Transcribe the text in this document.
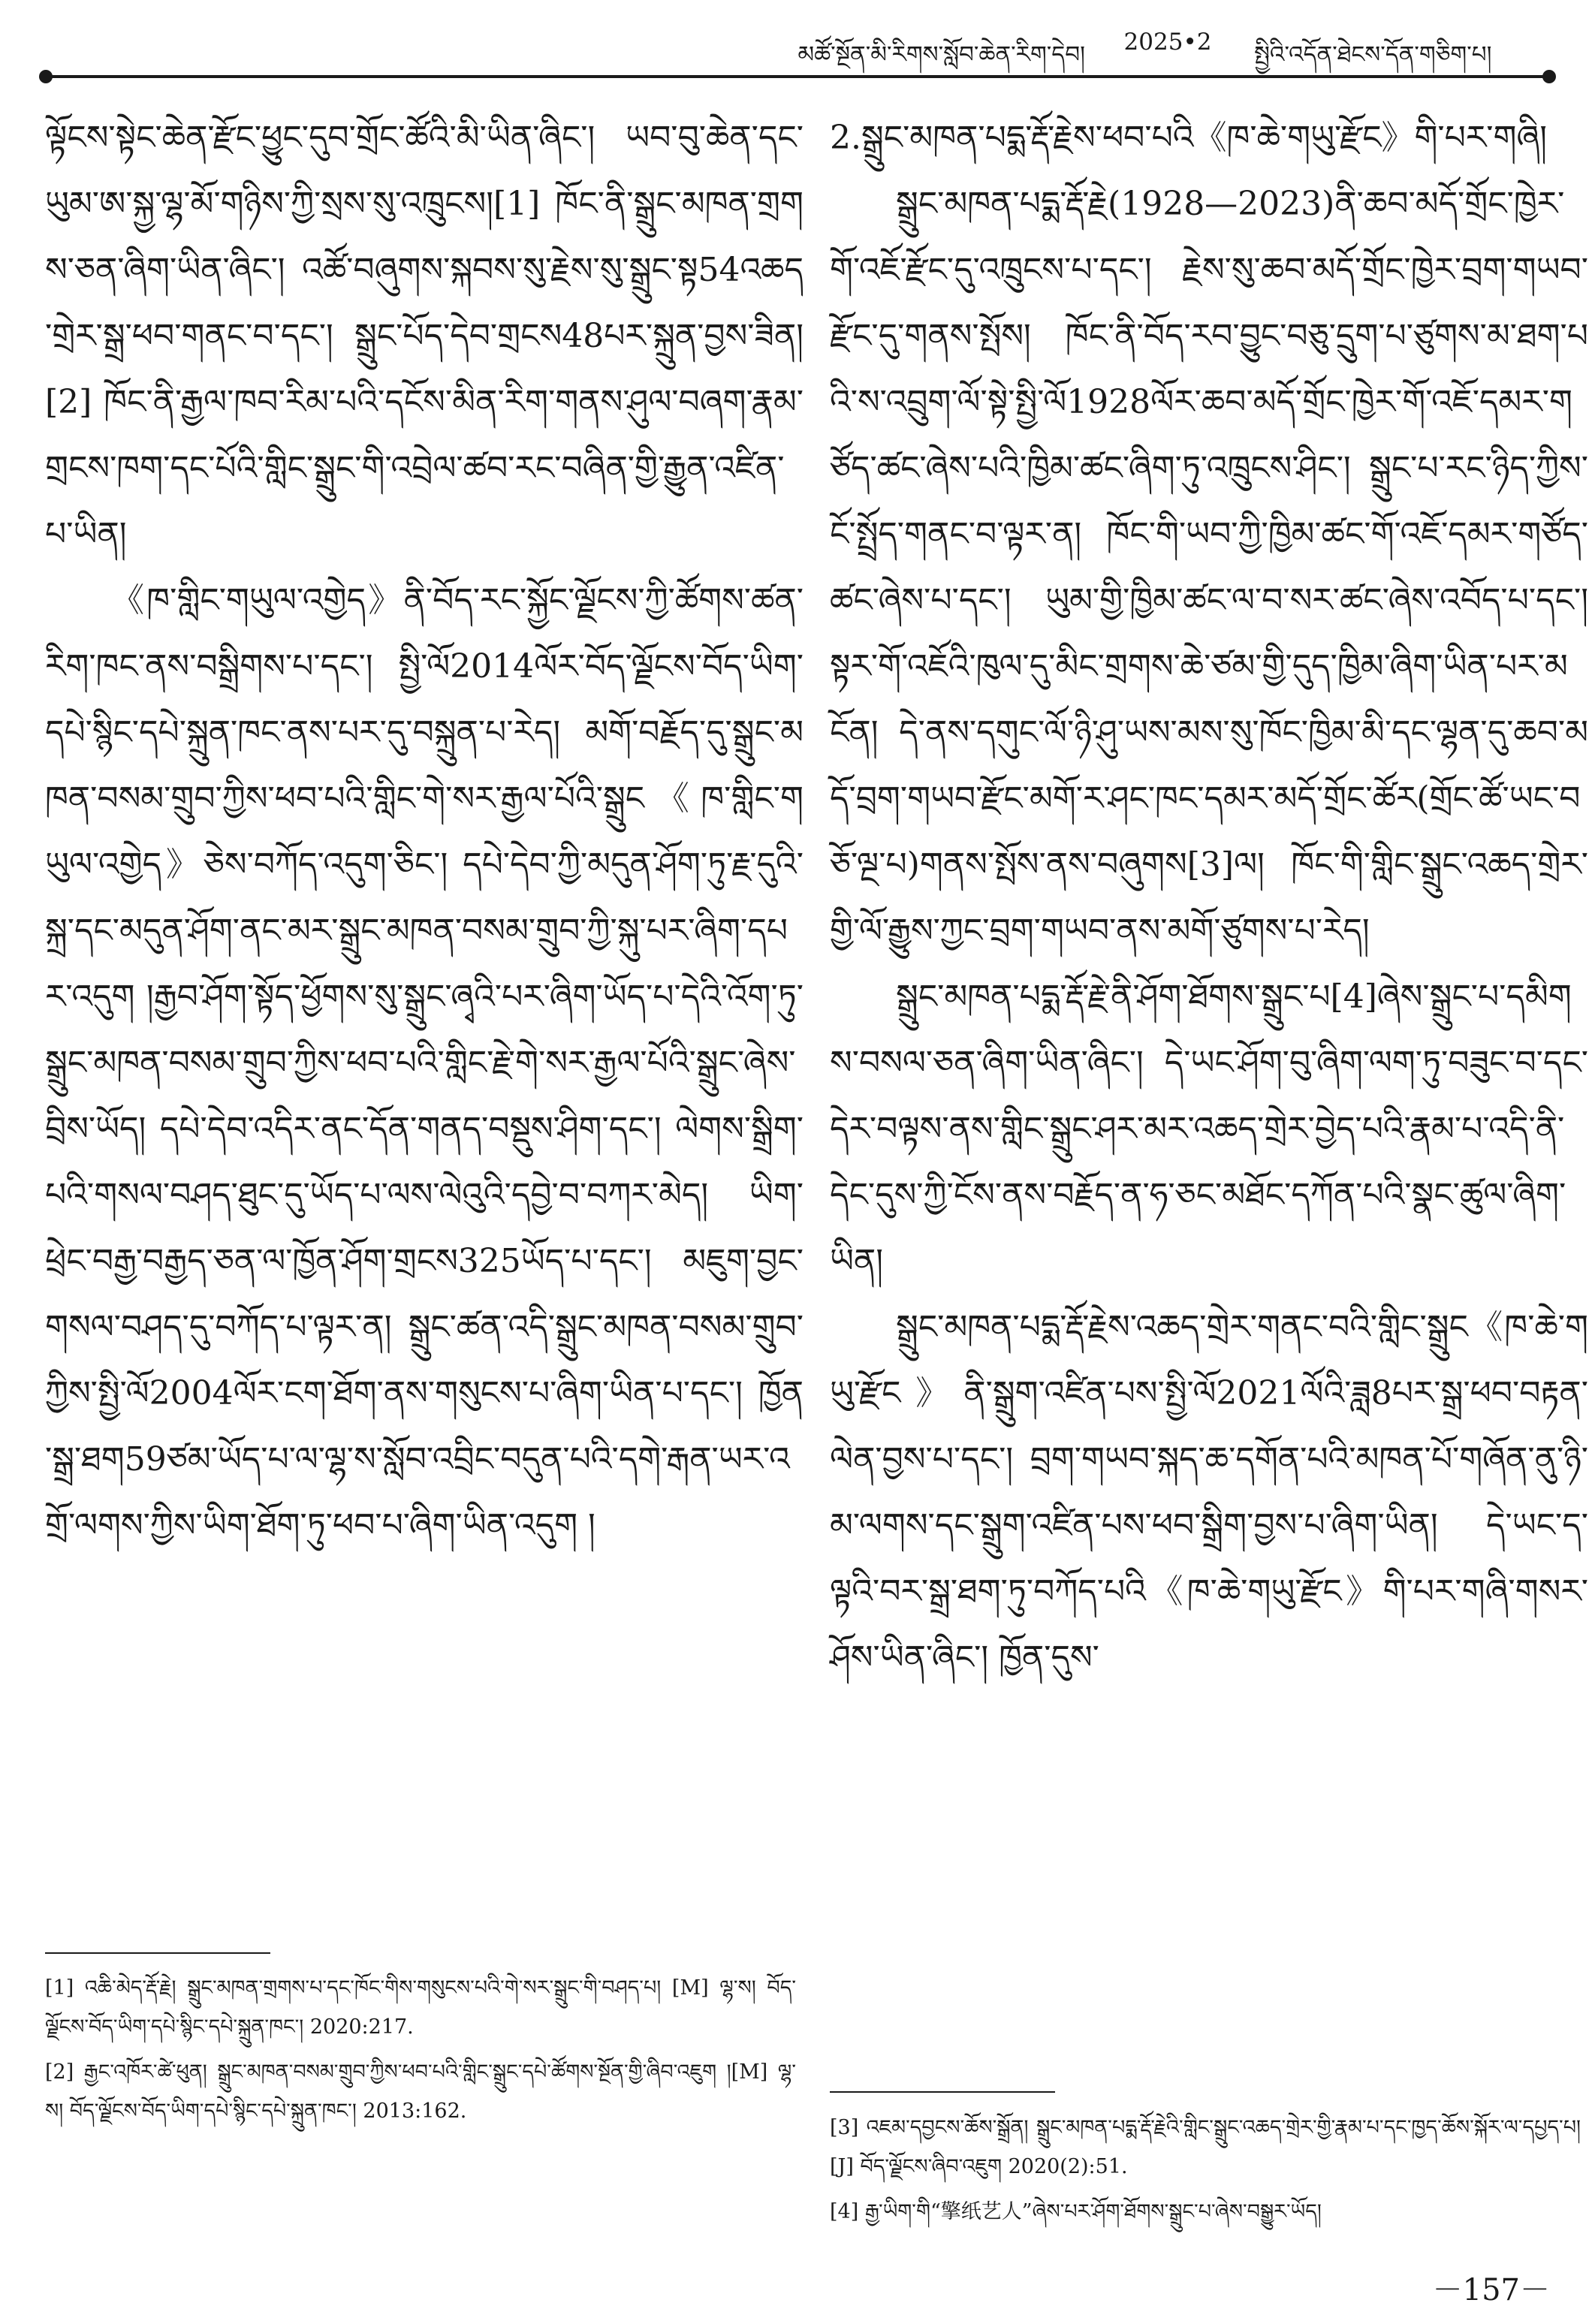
མཚོ་སྔོན་མི་རིགས་སློབ་ཆེན་རིག་དེབ།	2025•2	སྤྱིའི་འདོན་ཐེངས་དོན་གཅིག་པ།

ལྟོངས་སྟེང་ཆེན་རྫོང་ཕྱུང་དུབ་གྲོང་ཚོའི་མི་ཡིན་ཞིང་། ཡབ་བུ་ཆེན་དང་ཡུམ་ཨ་སྐྱ་ལྷ་མོ་གཉིས་ཀྱི་སྲས་སུ་འཁྲུངས།[1] ཁོང་ནི་སྒྲུང་མཁན་གྲགས་ཅན་ཞིག་ཡིན་ཞིང་། འཚོ་བཞུགས་སྐབས་སུ་རྗེས་སུ་སྒྲུང་སྟ54འཆད་གྲེར་སྒྲ་ཕབ་གནང་བ་དང་། སྒྲུང་པོད་དེབ་གྲངས48པར་སྐྲུན་བྱས་ཟིན།[2] ཁོང་ནི་རྒྱལ་ཁབ་རིམ་པའི་དངོས་མིན་རིག་གནས་ཤུལ་བཞག་རྣམ་གྲངས་ཁག་དང་པོའི་གླིང་སྒྲུང་གི་འབྲེལ་ཚབ་རང་བཞིན་གྱི་རྒྱུན་འཛིན་པ་ཡིན།

《ཁ་གླིང་གཡུལ་འགྱེད》ནི་བོད་རང་སྐྱོང་ལྗོངས་ཀྱི་ཚོགས་ཚན་རིག་ཁང་ནས་བསྒྲིགས་པ་དང་། སྤྱི་ལོ2014ལོར་བོད་ལྗོངས་བོད་ཡིག་དཔེ་སྙིང་དཔེ་སྐྲུན་ཁང་ནས་པར་དུ་བསྐྲུན་པ་རེད། མགོ་བརྗོད་དུ་སྒྲུང་མཁན་བསམ་གྲུབ་ཀྱིས་ཕབ་པའི་གླིང་གེ་སར་རྒྱལ་པོའི་སྒྲུང《ཁ་གླིང་གཡུལ་འགྱེད》ཅེས་བཀོད་འདུག་ཅིང་། དཔེ་དེབ་ཀྱི་མདུན་ཤོག་ཏུ་རྗ་དུའི་སྐྲ་དང་མདུན་ཤོག་ནང་མར་སྒྲུང་མཁན་བསམ་གྲུབ་ཀྱི་སྐུ་པར་ཞིག་དཔར་འདུག །རྒྱབ་ཤོག་སྟོད་ཕྱོགས་སུ་སྒྲུང་ཞྭའི་པར་ཞིག་ཡོད་པ་དེའི་འོག་ཏུ་སྒྲུང་མཁན་བསམ་གྲུབ་ཀྱིས་ཕབ་པའི་གླིང་རྗེ་གེ་སར་རྒྱལ་པོའི་སྒྲུང་ཞེས་བྲིས་ཡོད། དཔེ་དེབ་འདིར་ནང་དོན་གནད་བསྡུས་ཤིག་དང་། ལེགས་སྒྲིག་པའི་གསལ་བཤད་ཐུང་དུ་ཡོད་པ་ལས་ལེའུའི་དབྱེ་བ་བཀར་མེད། ཡིག་ཕྲེང་བརྒྱ་བརྒྱད་ཅན་ལ་ཁྱོན་ཤོག་གྲངས325ཡོད་པ་དང་། མཇུག་བྱང་གསལ་བཤད་དུ་བཀོད་པ་ལྟར་ན། སྒྲུང་ཚན་འདི་སྒྲུང་མཁན་བསམ་གྲུབ་ཀྱིས་སྤྱི་ལོ2004ལོར་ངག་ཐོག་ནས་གསུངས་པ་ཞིག་ཡིན་པ་དང་། ཁྱོན་སྒྲ་ཐག59ཙམ་ཡོད་པ་ལ་ལྷ་ས་སློབ་འབྲིང་བདུན་པའི་དགེ་རྒན་ཡར་འགྲོ་ལགས་ཀྱིས་ཡིག་ཐོག་ཏུ་ཕབ་པ་ཞིག་ཡིན་འདུག །

2.སྒྲུང་མཁན་པདྨ་རྡོ་རྗེས་ཕབ་པའི《ཁ་ཆེ་གཡུ་རྫོང》གི་པར་གཞི།

སྒྲུང་མཁན་པདྨ་རྡོ་རྗེ(1928—2023)ནི་ཆབ་མདོ་གྲོང་ཁྱེར་གོ་འཇོ་རྫོང་དུ་འཁྲུངས་པ་དང་། རྗེས་སུ་ཆབ་མདོ་གྲོང་ཁྱེར་བྲག་གཡབ་རྫོང་དུ་གནས་སྤོས། ཁོང་ནི་བོད་རབ་བྱུང་བཅུ་དྲུག་པ་ཙུགས་མ་ཐག་པའི་ས་འབྲུག་ལོ་སྟེ་སྤྱི་ལོ1928ལོར་ཆབ་མདོ་གྲོང་ཁྱེར་གོ་འཇོ་དམར་གཙོད་ཚང་ཞེས་པའི་ཁྱིམ་ཚང་ཞིག་ཏུ་འཁྲུངས་ཤིང་། སྒྲུང་པ་རང་ཉིད་ཀྱིས་ངོ་སྤྲོད་གནང་བ་ལྟར་ན། ཁོང་གི་ཡབ་ཀྱི་ཁྱིམ་ཚང་གོ་འཇོ་དམར་གཙོད་ཚང་ཞེས་པ་དང་། ཡུམ་གྱི་ཁྱིམ་ཚང་ལ་བ་སར་ཚང་ཞེས་འབོད་པ་དང་། སྟར་གོ་འཇོའི་ཁུལ་དུ་མིང་གྲགས་ཆེ་ཙམ་གྱི་དུད་ཁྱིམ་ཞིག་ཡིན་པར་མངོན། དེ་ནས་དགུང་ལོ་ཉི་ཤུ་ཡས་མས་སུ་ཁོང་ཁྱིམ་མི་དང་ལྷན་དུ་ཆབ་མདོ་བྲག་གཡབ་རྫོང་མགོ་ར་ཤང་ཁང་དམར་མདོ་གྲོང་ཚོར(གྲོང་ཚོ་ཡང་བཅོ་ལྔ་པ)གནས་སྤོས་ནས་བཞུགས[3]ལ། ཁོང་གི་གླིང་སྒྲུང་འཆད་གྲེར་གྱི་ལོ་རྒྱུས་ཀྱང་བྲག་གཡབ་ནས་མགོ་ཙུགས་པ་རེད།

སྒྲུང་མཁན་པདྨ་རྡོ་རྗེ་ནི་ཤོག་ཐོགས་སྒྲུང་པ[4]ཞེས་སྒྲུང་པ་དམིགས་བསལ་ཅན་ཞིག་ཡིན་ཞིང་། དེ་ཡང་ཤོག་བུ་ཞིག་ལག་ཏུ་བཟུང་བ་དང་དེར་བལྟས་ནས་གླིང་སྒྲུང་ཤར་མར་འཆད་གྲེར་བྱེད་པའི་རྣམ་པ་འདི་ནི་དེང་དུས་ཀྱི་ངོས་ནས་བརྗོད་ན་ཧ་ཅང་མཐོང་དཀོན་པའི་སྣང་ཚུལ་ཞིག་ཡིན།

སྒྲུང་མཁན་པདྨ་རྡོ་རྗེས་འཆད་གྲེར་གནང་བའི་གླིང་སྒྲུང《ཁ་ཆེ་གཡུ་རྫོང》ནི་སྒྲུག་འཛིན་པས་སྤྱི་ལོ2021ལོའི་ཟླ8པར་སྒྲ་ཕབ་བརྟན་ལེན་བྱས་པ་དང་། བྲག་གཡབ་སྐད་ཆ་དགོན་པའི་མཁན་པོ་གཞོན་ནུ་ཉི་མ་ལགས་དང་སྒྲུག་འཛིན་པས་ཕབ་སྒྲིག་བྱས་པ་ཞིག་ཡིན། དེ་ཡང་ད་ལྟའི་བར་སྒྲ་ཐག་ཏུ་བཀོད་པའི《ཁ་ཆེ་གཡུ་རྫོང》གི་པར་གཞི་གསར་ཤོས་ཡིན་ཞིང་། ཁྱོན་དུས་

[1] འཆི་མེད་རྡོ་རྗེ། སྒྲུང་མཁན་གྲགས་པ་དང་ཁོང་གིས་གསུངས་པའི་གེ་སར་སྒྲུང་གི་བཤད་པ། [M] ལྷ་ས། བོད་ལྗོངས་བོད་ཡིག་དཔེ་སྙིང་དཔེ་སྐྲུན་ཁང་། 2020:217.

[2] རྒྱང་འཁོར་ཚེ་ཕུན། སྒྲུང་མཁན་བསམ་གྲུབ་ཀྱིས་ཕབ་པའི་གླིང་སྒྲུང་དཔེ་ཚོགས་སྔོན་གྱི་ཞིབ་འཇུག །[M] ལྷ་ས། བོད་ལྗོངས་བོད་ཡིག་དཔེ་སྙིང་དཔེ་སྐྲུན་ཁང་། 2013:162.

[3] འཇམ་དབྱངས་ཆོས་སྒྲོན། སྒྲུང་མཁན་པདྨ་རྡོ་རྗེའི་གླིང་སྒྲུང་འཆད་གྲེར་གྱི་རྣམ་པ་དང་ཁྱད་ཆོས་སྐོར་ལ་དཔྱད་པ། [J] བོད་ལྗོངས་ཞིབ་འཇུག 2020(2):51.

[4] རྒྱ་ཡིག་གི“擎纸艺人”ཞེས་པར་ཤོག་ཐོགས་སྒྲུང་པ་ཞེས་བསྒྱུར་ཡོད།

－157－
